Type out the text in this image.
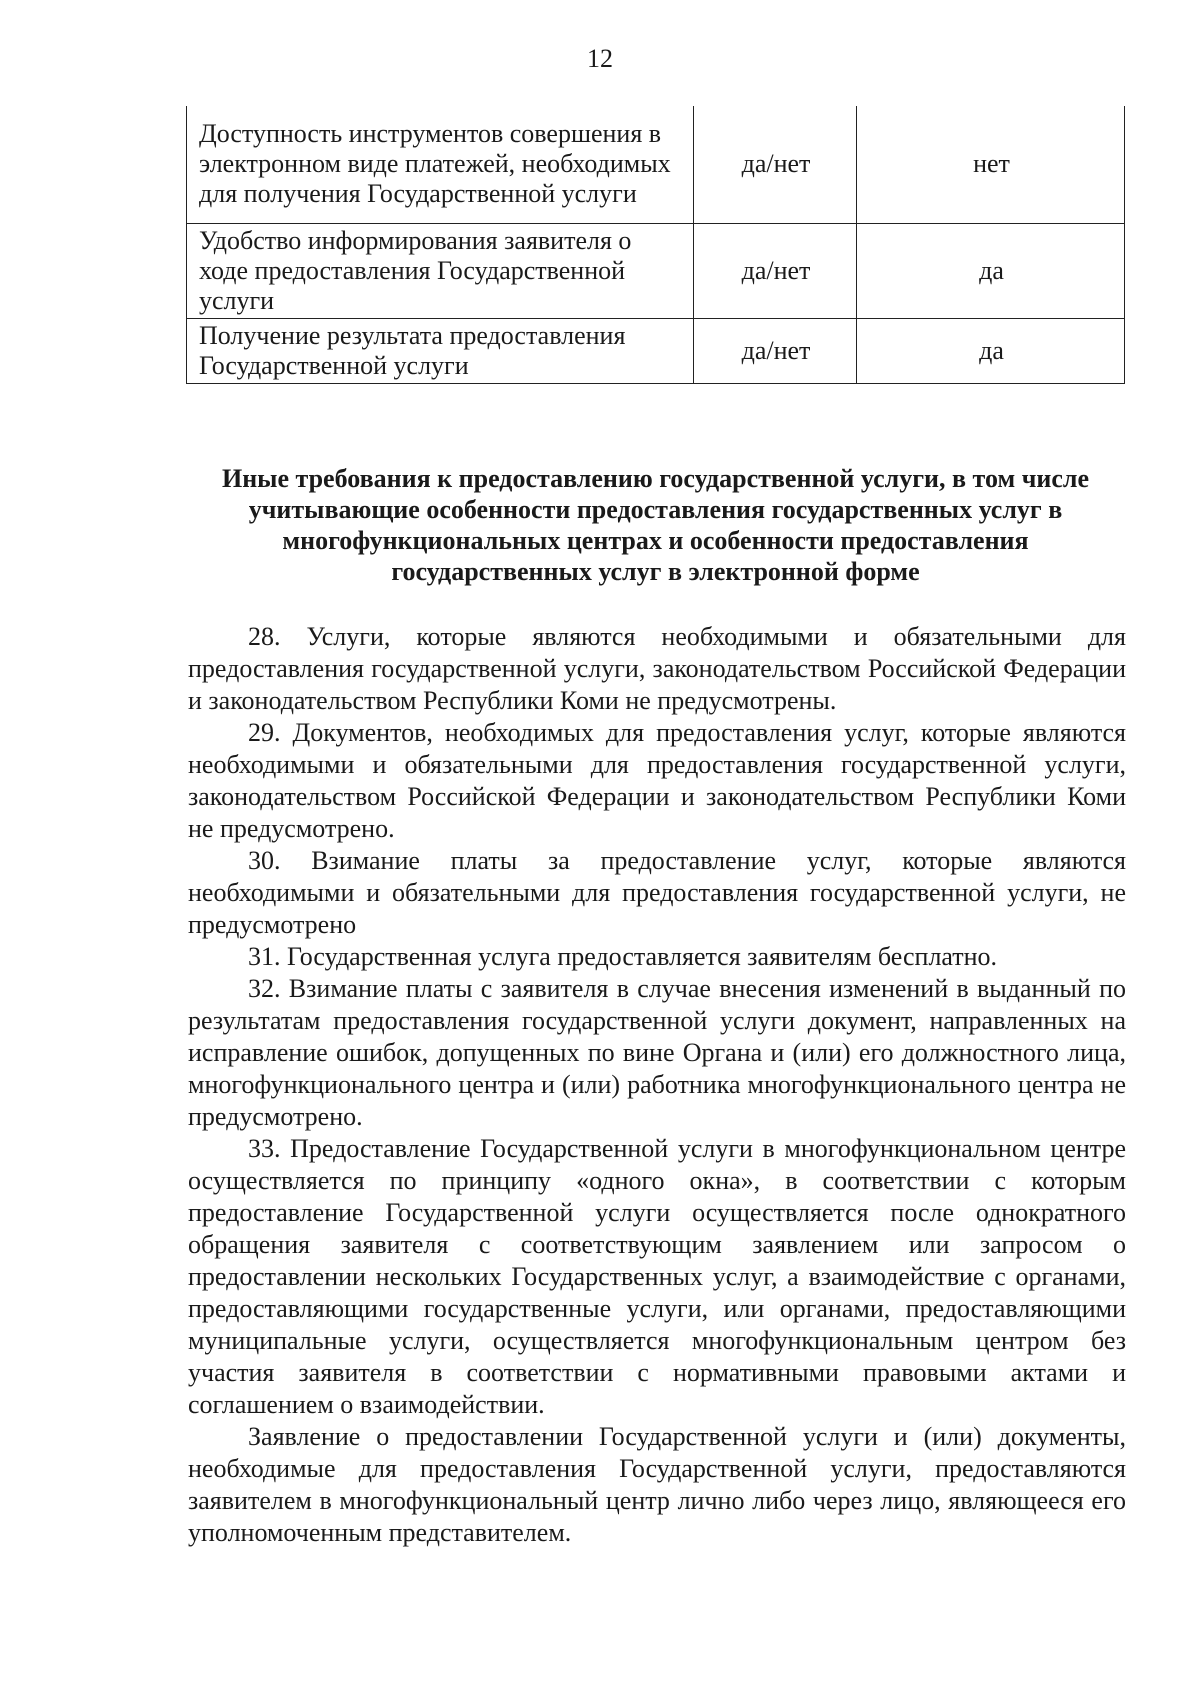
12
Доступность инструментов совершения в электронном виде платежей, необходимых для получения Государственной услуги	да/нет	нет
Удобство информирования заявителя о ходе предоставления Государственной услуги	да/нет	да
Получение результата предоставления Государственной услуги	да/нет	да
Иные требования к предоставлению государственной услуги, в том числе учитывающие особенности предоставления государственных услуг в многофункциональных центрах и особенности предоставления государственных услуг в электронной форме

28. Услуги, которые являются необходимыми и обязательными для предоставления государственной услуги, законодательством Российской Федерации и законодательством Республики Коми не предусмотрены.

29. Документов, необходимых для предоставления услуг, которые являются необходимыми и обязательными для предоставления государственной услуги, законодательством Российской Федерации и законодательством Республики Коми не предусмотрено.

30. Взимание платы за предоставление услуг, которые являются необходимыми и обязательными для предоставления государственной услуги, не предусмотрено

31. Государственная услуга предоставляется заявителям бесплатно.

32. Взимание платы с заявителя в случае внесения изменений в выданный по результатам предоставления государственной услуги документ, направленных на исправление ошибок, допущенных по вине Органа и (или) его должностного лица, многофункционального центра и (или) работника многофункционального центра не предусмотрено.

33. Предоставление Государственной услуги в многофункциональном центре осуществляется по принципу «одного окна», в соответствии с которым предоставление Государственной услуги осуществляется после однократного обращения заявителя с соответствующим заявлением или запросом о предоставлении нескольких Государственных услуг, а взаимодействие с органами, предоставляющими государственные услуги, или органами, предоставляющими муниципальные услуги, осуществляется многофункциональным центром без участия заявителя в соответствии с нормативными правовыми актами и соглашением о взаимодействии.

Заявление о предоставлении Государственной услуги и (или) документы, необходимые для предоставления Государственной услуги, предоставляются заявителем в многофункциональный центр лично либо через лицо, являющееся его уполномоченным представителем.
